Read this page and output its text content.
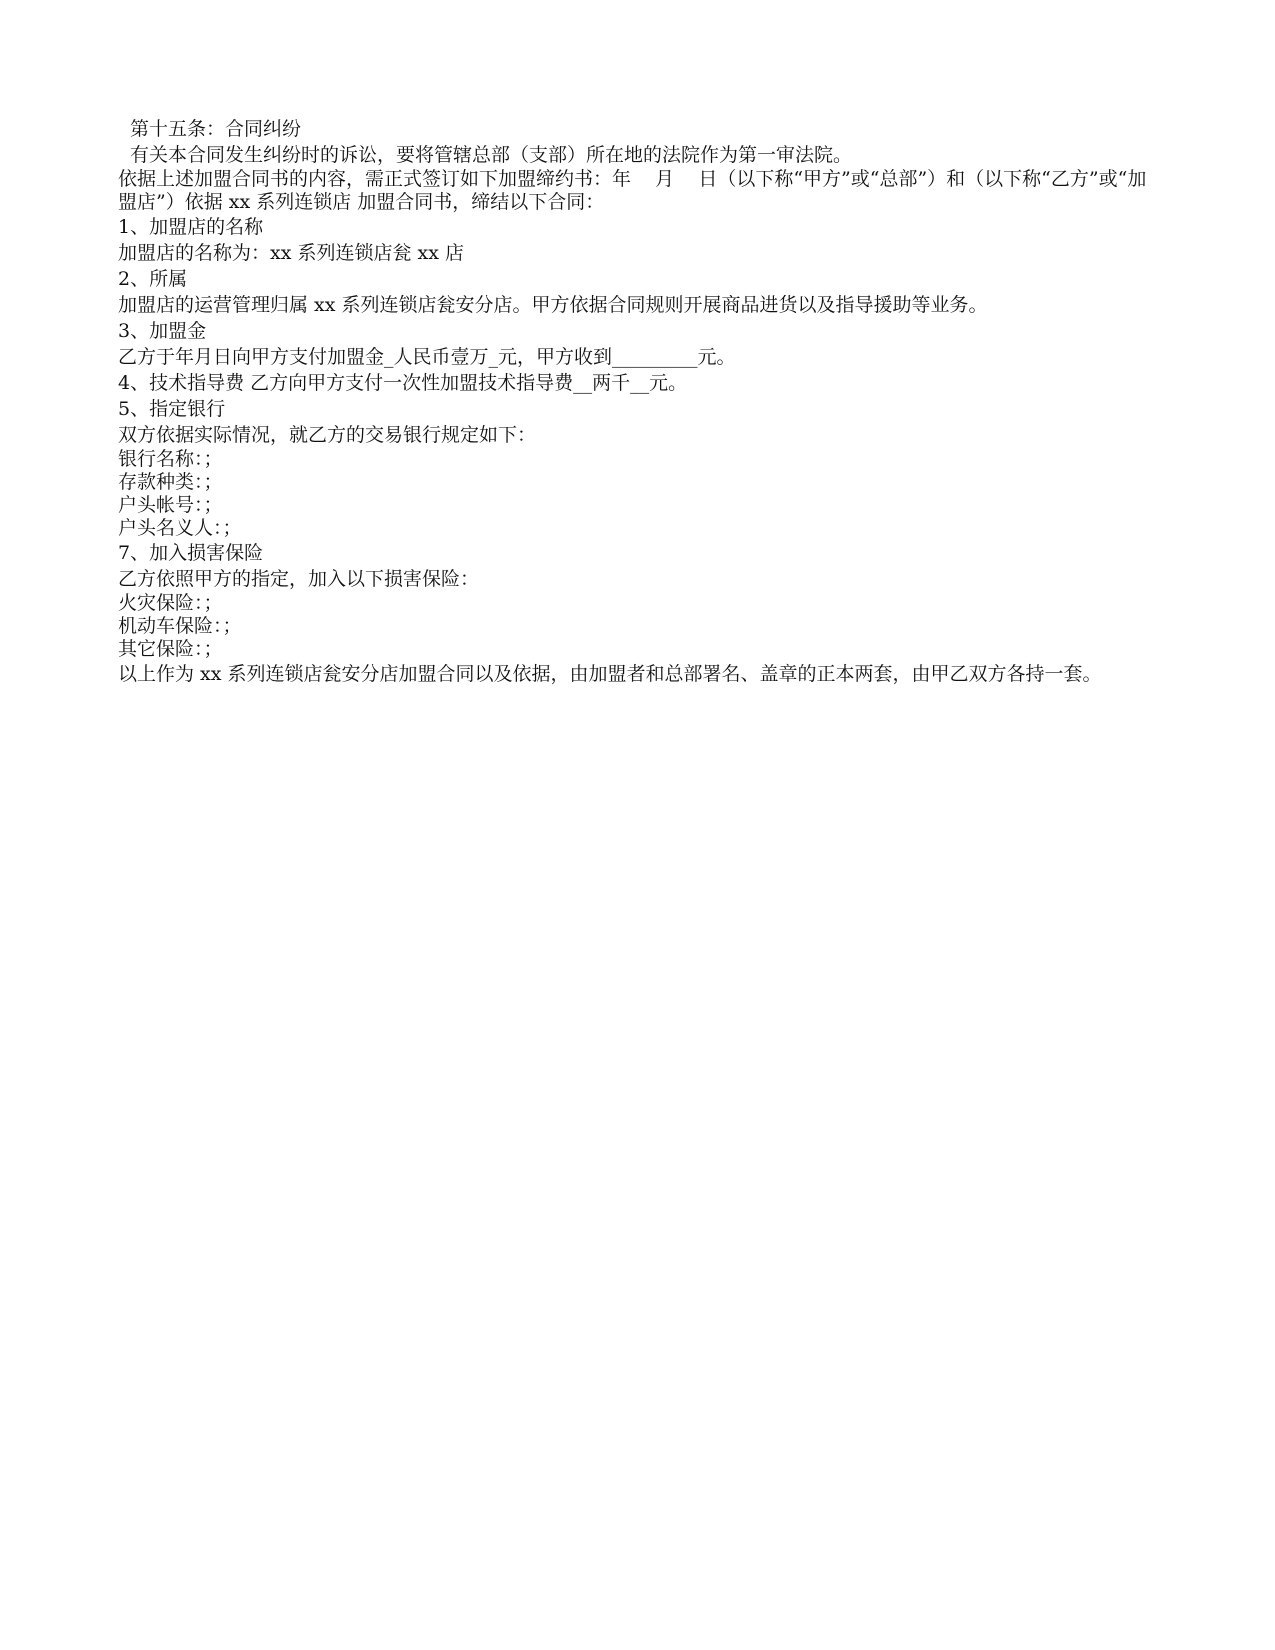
第十五条：合同纠纷

有关本合同发生纠纷时的诉讼，要将管辖总部（支部）所在地的法院作为第一审法院。

依据上述加盟合同书的内容，需正式签订如下加盟缔约书：年    月    日（以下称“甲方”或“总部”）和（以下称“乙方”或“加盟店”）依据 xx 系列连锁店 加盟合同书，缔结以下合同：

1、加盟店的名称

加盟店的名称为：xx 系列连锁店瓮 xx 店

2、所属

加盟店的运营管理归属 xx 系列连锁店瓮安分店。甲方依据合同规则开展商品进货以及指导援助等业务。

3、加盟金

乙方于年月日向甲方支付加盟金_人民币壹万_元，甲方收到_________元。

4、技术指导费 乙方向甲方支付一次性加盟技术指导费__两千__元。

5、指定银行

双方依据实际情况，就乙方的交易银行规定如下：

银行名称：；

存款种类：；

户头帐号：；

户头名义人：；

7、加入损害保险

乙方依照甲方的指定，加入以下损害保险：

火灾保险：；

机动车保险：；

其它保险：；

以上作为 xx 系列连锁店瓮安分店加盟合同以及依据，由加盟者和总部署名、盖章的正本两套，由甲乙双方各持一套。
